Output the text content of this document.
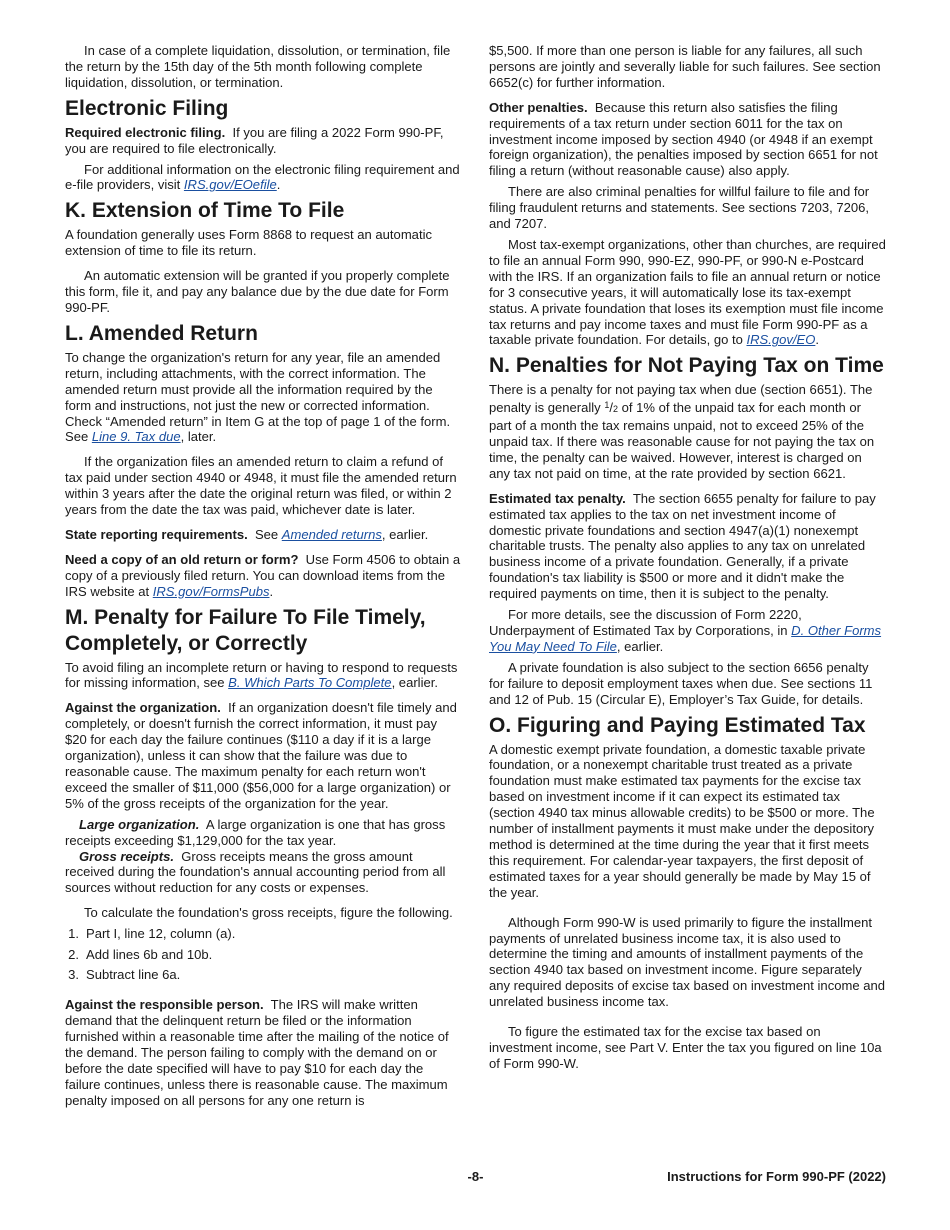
In case of a complete liquidation, dissolution, or termination, file the return by the 15th day of the 5th month following complete liquidation, dissolution, or termination.

Electronic Filing

Required electronic filing. If you are filing a 2022 Form 990-PF, you are required to file electronically.

For additional information on the electronic filing requirement and e-file providers, visit IRS.gov/EOefile.

K. Extension of Time To File

A foundation generally uses Form 8868 to request an automatic extension of time to file its return.

An automatic extension will be granted if you properly complete this form, file it, and pay any balance due by the due date for Form 990-PF.

L. Amended Return

To change the organization's return for any year, file an amended return, including attachments, with the correct information. The amended return must provide all the information required by the form and instructions, not just the new or corrected information. Check “Amended return” in Item G at the top of page 1 of the form. See Line 9. Tax due, later.

If the organization files an amended return to claim a refund of tax paid under section 4940 or 4948, it must file the amended return within 3 years after the date the original return was filed, or within 2 years from the date the tax was paid, whichever date is later.

State reporting requirements. See Amended returns, earlier.

Need a copy of an old return or form? Use Form 4506 to obtain a copy of a previously filed return. You can download items from the IRS website at IRS.gov/FormsPubs.

M. Penalty for Failure To File Timely, Completely, or Correctly

To avoid filing an incomplete return or having to respond to requests for missing information, see B. Which Parts To Complete, earlier.

Against the organization. If an organization doesn't file timely and completely, or doesn't furnish the correct information, it must pay $20 for each day the failure continues ($110 a day if it is a large organization), unless it can show that the failure was due to reasonable cause. The maximum penalty for each return won't exceed the smaller of $11,000 ($56,000 for a large organization) or 5% of the gross receipts of the organization for the year.

Large organization. A large organization is one that has gross receipts exceeding $1,129,000 for the tax year.

Gross receipts. Gross receipts means the gross amount received during the foundation's annual accounting period from all sources without reduction for any costs or expenses.

To calculate the foundation's gross receipts, figure the following.

1. Part I, line 12, column (a).
2. Add lines 6b and 10b.
3. Subtract line 6a.

Against the responsible person. The IRS will make written demand that the delinquent return be filed or the information furnished within a reasonable time after the mailing of the notice of the demand. The person failing to comply with the demand on or before the date specified will have to pay $10 for each day the failure continues, unless there is reasonable cause. The maximum penalty imposed on all persons for any one return is

$5,500. If more than one person is liable for any failures, all such persons are jointly and severally liable for such failures. See section 6652(c) for further information.

Other penalties. Because this return also satisfies the filing requirements of a tax return under section 6011 for the tax on investment income imposed by section 4940 (or 4948 if an exempt foreign organization), the penalties imposed by section 6651 for not filing a return (without reasonable cause) also apply.

There are also criminal penalties for willful failure to file and for filing fraudulent returns and statements. See sections 7203, 7206, and 7207.

Most tax-exempt organizations, other than churches, are required to file an annual Form 990, 990-EZ, 990-PF, or 990-N e-Postcard with the IRS. If an organization fails to file an annual return or notice for 3 consecutive years, it will automatically lose its tax-exempt status. A private foundation that loses its exemption must file income tax returns and pay income taxes and must file Form 990-PF as a taxable private foundation. For details, go to IRS.gov/EO.

N. Penalties for Not Paying Tax on Time

There is a penalty for not paying tax when due (section 6651). The penalty is generally $^1$/2 of 1% of the unpaid tax for each month or part of a month the tax remains unpaid, not to exceed 25% of the unpaid tax. If there was reasonable cause for not paying the tax on time, the penalty can be waived. However, interest is charged on any tax not paid on time, at the rate provided by section 6621.

Estimated tax penalty. The section 6655 penalty for failure to pay estimated tax applies to the tax on net investment income of domestic private foundations and section 4947(a)(1) nonexempt charitable trusts. The penalty also applies to any tax on unrelated business income of a private foundation. Generally, if a private foundation's tax liability is $500 or more and it didn't make the required payments on time, then it is subject to the penalty.

For more details, see the discussion of Form 2220, Underpayment of Estimated Tax by Corporations, in D. Other Forms You May Need To File, earlier.

A private foundation is also subject to the section 6656 penalty for failure to deposit employment taxes when due. See sections 11 and 12 of Pub. 15 (Circular E), Employer’s Tax Guide, for details.

O. Figuring and Paying Estimated Tax

A domestic exempt private foundation, a domestic taxable private foundation, or a nonexempt charitable trust treated as a private foundation must make estimated tax payments for the excise tax based on investment income if it can expect its estimated tax (section 4940 tax minus allowable credits) to be $500 or more. The number of installment payments it must make under the depository method is determined at the time during the year that it first meets this requirement. For calendar-year taxpayers, the first deposit of estimated taxes for a year should generally be made by May 15 of the year.

Although Form 990-W is used primarily to figure the installment payments of unrelated business income tax, it is also used to determine the timing and amounts of installment payments of the section 4940 tax based on investment income. Figure separately any required deposits of excise tax based on investment income and unrelated business income tax.

To figure the estimated tax for the excise tax based on investment income, see Part V. Enter the tax you figured on line 10a of Form 990-W.

-8-	Instructions for Form 990-PF (2022)
